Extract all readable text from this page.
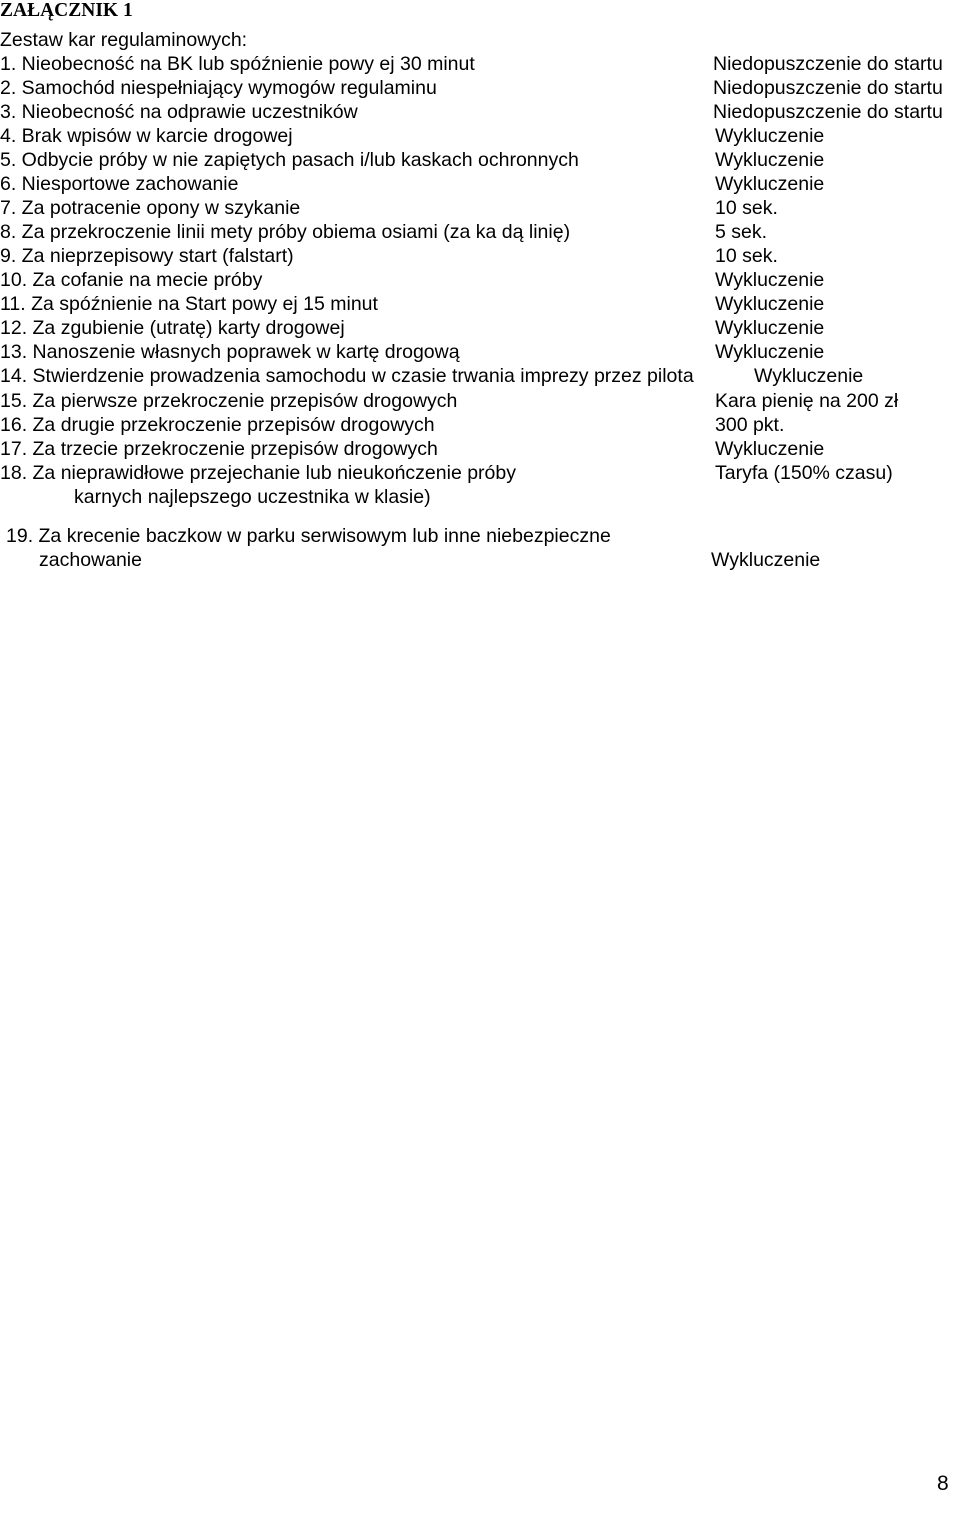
ZAŁĄCZNIK 1
Zestaw kar regulaminowych:
1. Nieobecność na BK lub spóźnienie powy ej 30 minut	Niedopuszczenie do startu
2. Samochód niespełniający wymogów regulaminu	Niedopuszczenie do startu
3. Nieobecność na odprawie uczestników	Niedopuszczenie do startu
4. Brak wpisów w karcie drogowej	Wykluczenie
5. Odbycie próby w nie zapiętych pasach i/lub kaskach ochronnych	Wykluczenie
6. Niesportowe zachowanie	Wykluczenie
7. Za potracenie opony w szykanie	10 sek.
8. Za przekroczenie linii mety próby obiema osiami (za ka dą linię)	5 sek.
9. Za nieprzepisowy start (falstart)	10 sek.
10. Za cofanie na mecie próby	Wykluczenie
11. Za spóźnienie na Start powy ej 15 minut	Wykluczenie
12. Za zgubienie (utratę) karty drogowej	Wykluczenie
13. Nanoszenie własnych poprawek w kartę drogową	Wykluczenie
14. Stwierdzenie prowadzenia samochodu w czasie trwania imprezy przez pilota	Wykluczenie
15. Za pierwsze przekroczenie przepisów drogowych	Kara pienię na 200 zł
16. Za drugie przekroczenie przepisów drogowych	300 pkt.
17. Za trzecie przekroczenie przepisów drogowych	Wykluczenie
18. Za nieprawidłowe przejechanie lub nieukończenie próby	Taryfa (150% czasu)
karnych najlepszego uczestnika w klasie)
19. Za krecenie baczkow w parku serwisowym lub inne niebezpieczne
zachowanie	Wykluczenie
8
